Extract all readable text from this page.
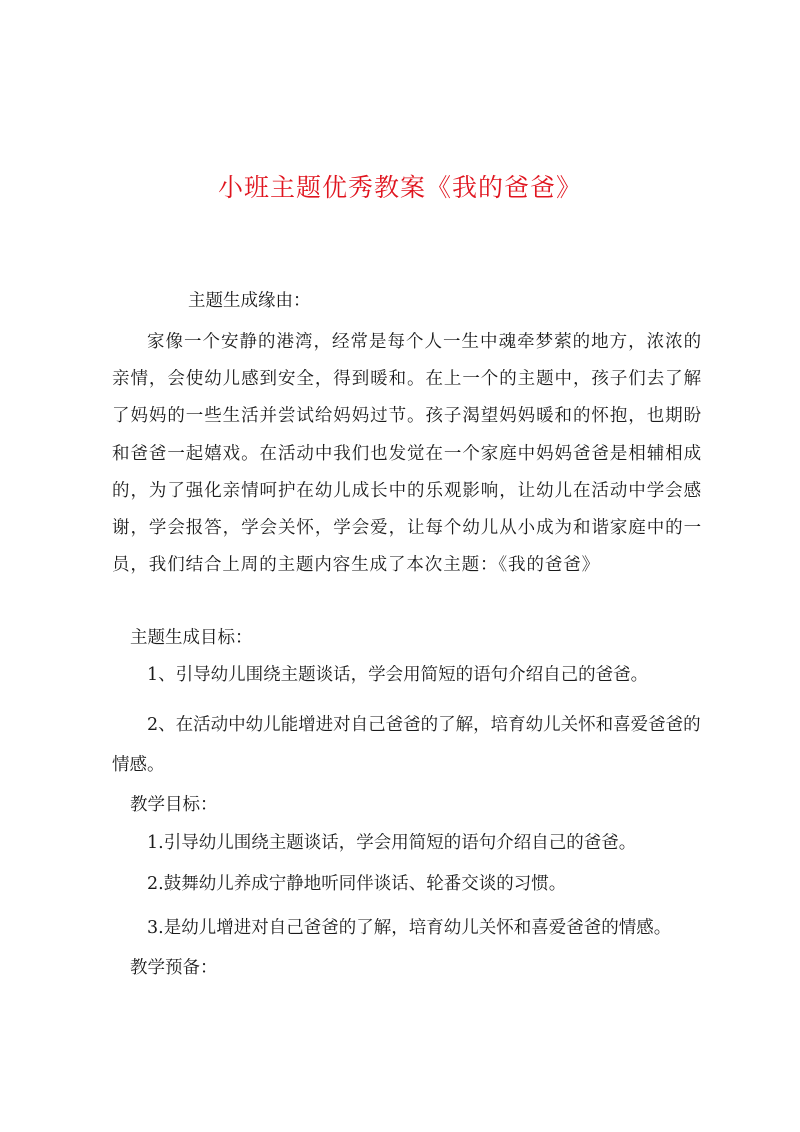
小班主题优秀教案《我的爸爸》

主题生成缘由：

家像一个安静的港湾，经常是每个人一生中魂牵梦萦的地方，浓浓的亲情，会使幼儿感到安全，得到暖和。在上一个的主题中，孩子们去了解了妈妈的一些生活并尝试给妈妈过节。孩子渴望妈妈暖和的怀抱，也期盼和爸爸一起嬉戏。在活动中我们也发觉在一个家庭中妈妈爸爸是相辅相成的，为了强化亲情呵护在幼儿成长中的乐观影响，让幼儿在活动中学会感谢，学会报答，学会关怀，学会爱，让每个幼儿从小成为和谐家庭中的一员，我们结合上周的主题内容生成了本次主题：《我的爸爸》

主题生成目标：

1、引导幼儿围绕主题谈话，学会用简短的语句介绍自己的爸爸。

2、在活动中幼儿能增进对自己爸爸的了解，培育幼儿关怀和喜爱爸爸的情感。

教学目标：

1.引导幼儿围绕主题谈话，学会用简短的语句介绍自己的爸爸。

2.鼓舞幼儿养成宁静地听同伴谈话、轮番交谈的习惯。

3.是幼儿增进对自己爸爸的了解，培育幼儿关怀和喜爱爸爸的情感。

教学预备：
